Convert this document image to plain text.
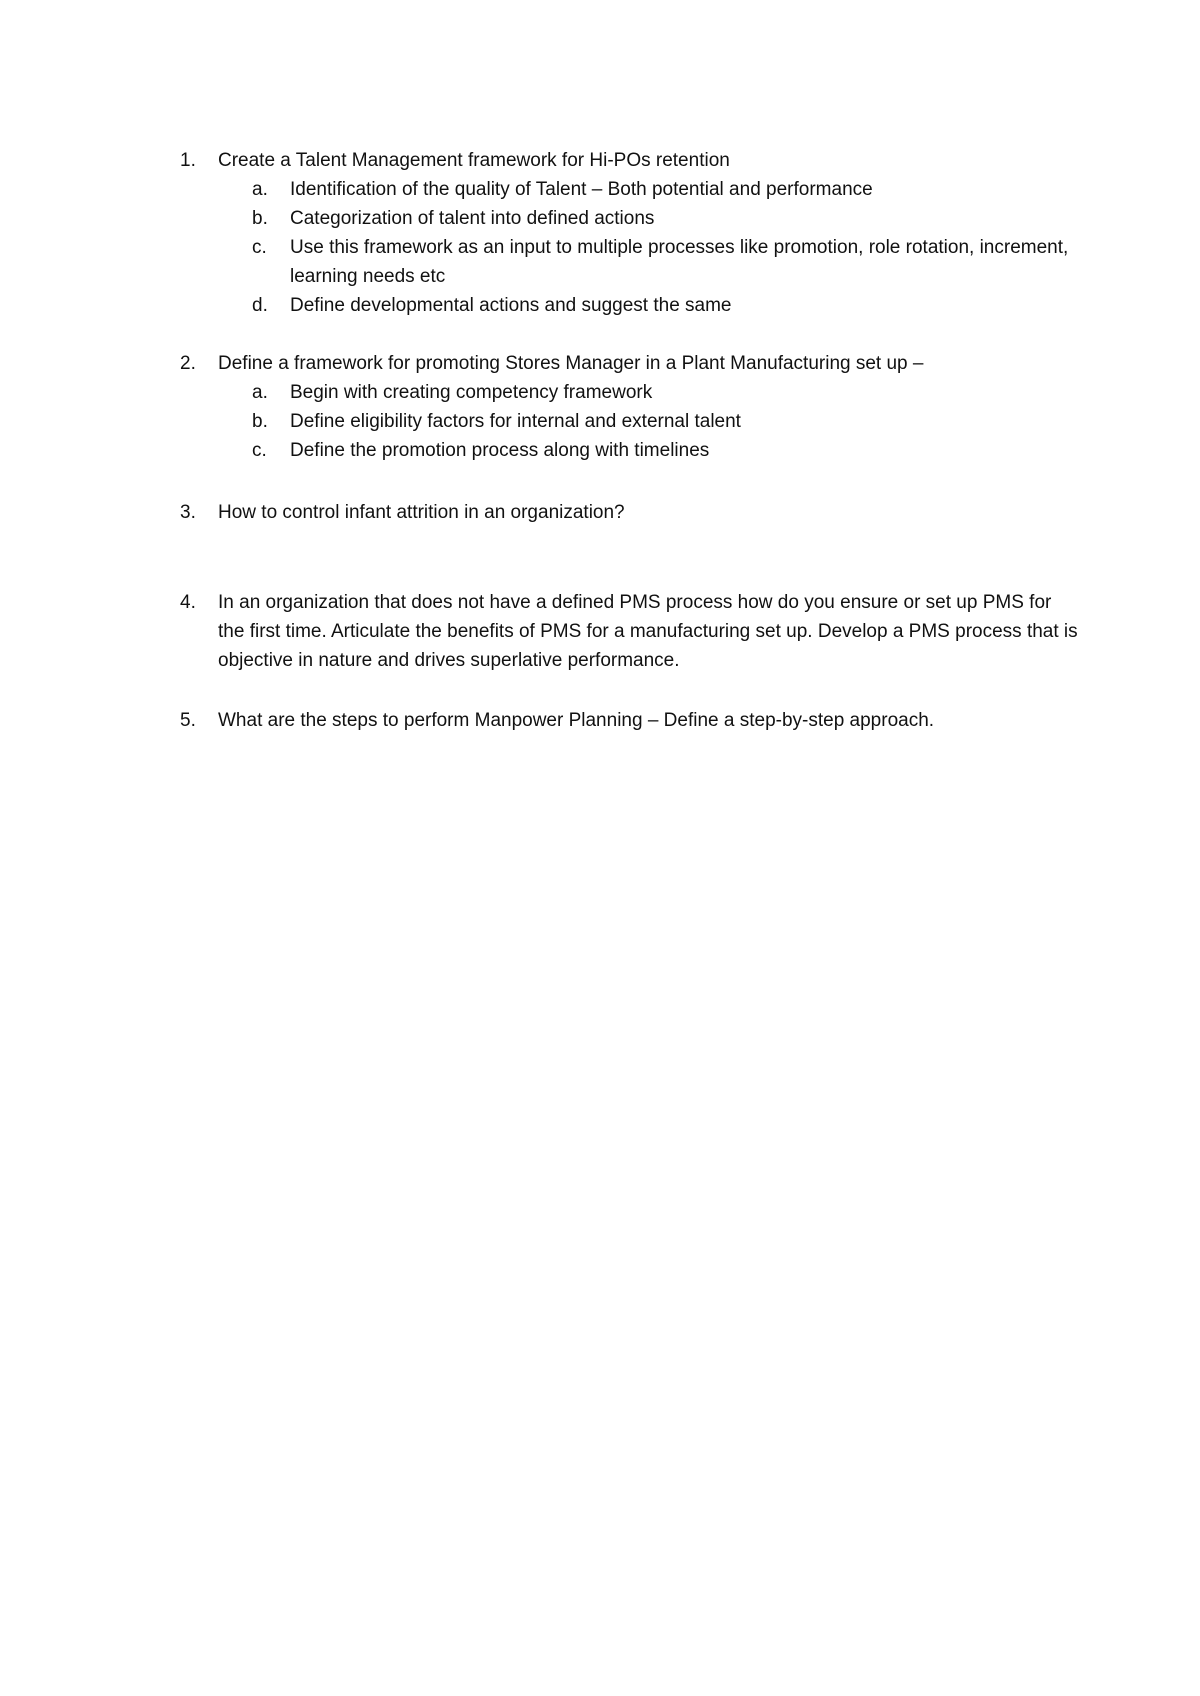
1.	Create a Talent Management framework for Hi-POs retention
a.	Identification of the quality of Talent – Both potential and performance
b.	Categorization of talent into defined actions
c.	Use this framework as an input to multiple processes like promotion, role rotation, increment, learning needs etc
d.	Define developmental actions and suggest the same
2.	Define a framework for promoting Stores Manager in a Plant Manufacturing set up –
a.	Begin with creating competency framework
b.	Define eligibility factors for internal and external talent
c.	Define the promotion process along with timelines
3.	How to control infant attrition in an organization?
4.	In an organization that does not have a defined PMS process how do you ensure or set up PMS for the first time. Articulate the benefits of PMS for a manufacturing set up. Develop a PMS process that is objective in nature and drives superlative performance.
5.	What are the steps to perform Manpower Planning – Define a step-by-step approach.
